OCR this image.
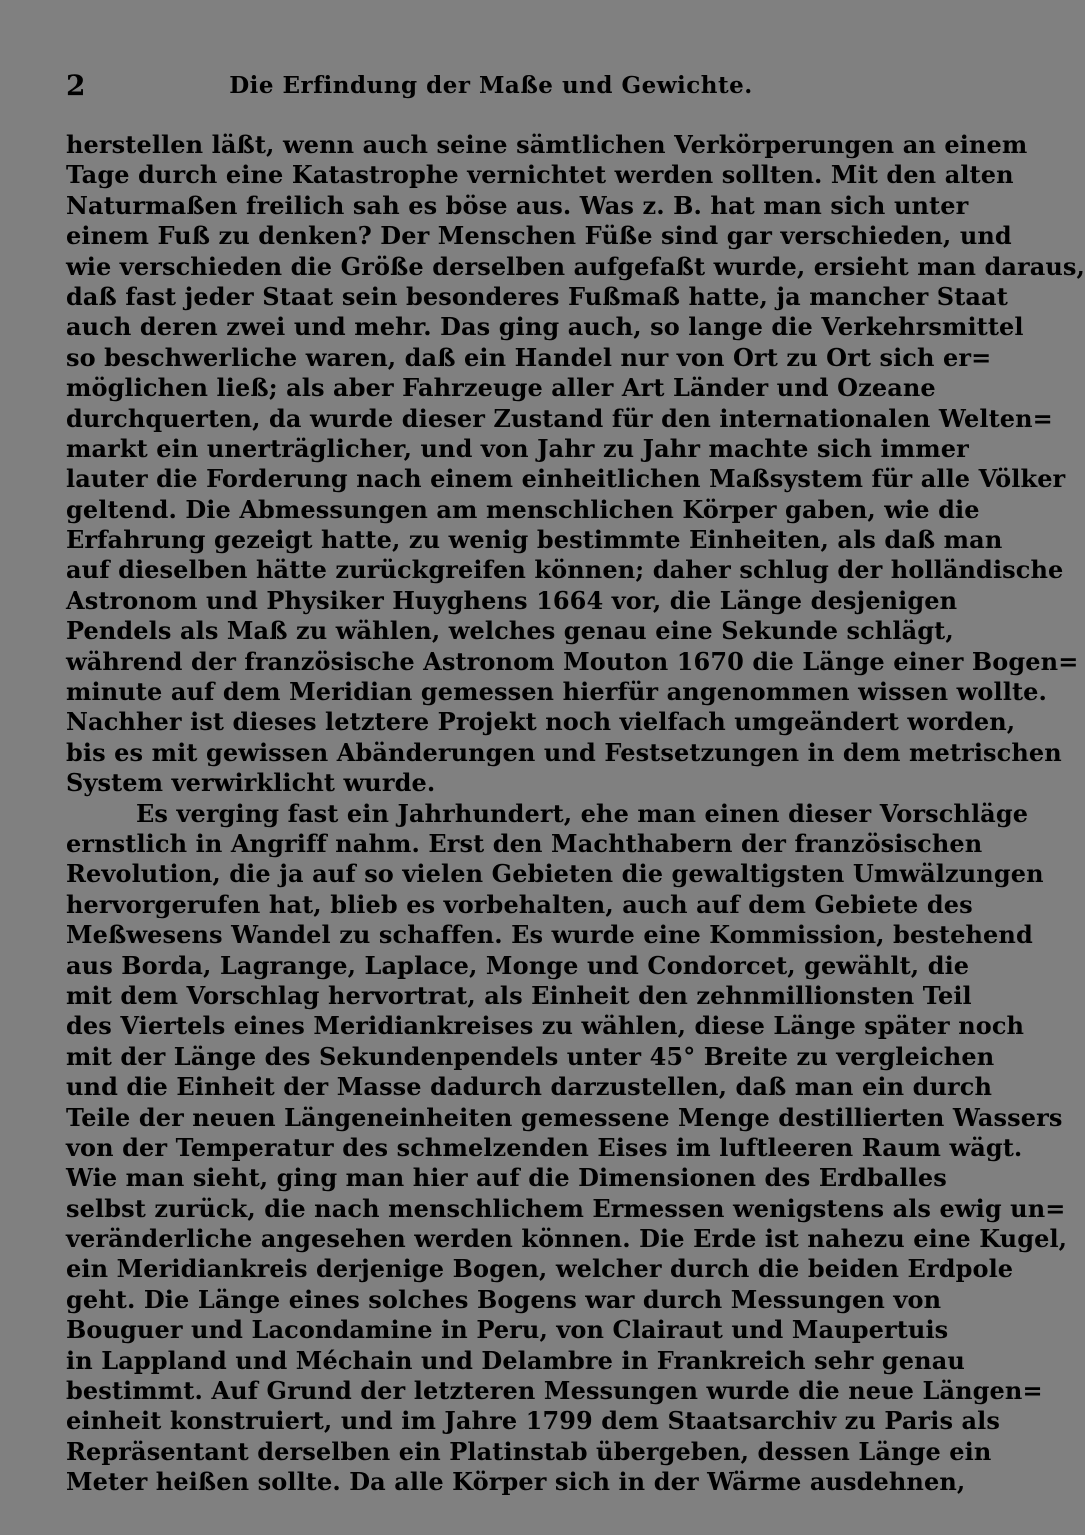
2	Die Erfindung der Maße und Gewichte.
herstellen läßt, wenn auch seine sämtlichen Verkörperungen an einem
Tage durch eine Katastrophe vernichtet werden sollten. Mit den alten
Naturmaßen freilich sah es böse aus. Was z. B. hat man sich unter
einem Fuß zu denken? Der Menschen Füße sind gar verschieden, und
wie verschieden die Größe derselben aufgefaßt wurde, ersieht man daraus,
daß fast jeder Staat sein besonderes Fußmaß hatte, ja mancher Staat
auch deren zwei und mehr. Das ging auch, so lange die Verkehrsmittel
so beschwerliche waren, daß ein Handel nur von Ort zu Ort sich er=
möglichen ließ; als aber Fahrzeuge aller Art Länder und Ozeane
durchquerten, da wurde dieser Zustand für den internationalen Welten=
markt ein unerträglicher, und von Jahr zu Jahr machte sich immer
lauter die Forderung nach einem einheitlichen Maßsystem für alle Völker
geltend. Die Abmessungen am menschlichen Körper gaben, wie die
Erfahrung gezeigt hatte, zu wenig bestimmte Einheiten, als daß man
auf dieselben hätte zurückgreifen können; daher schlug der holländische
Astronom und Physiker Huyghens 1664 vor, die Länge desjenigen
Pendels als Maß zu wählen, welches genau eine Sekunde schlägt,
während der französische Astronom Mouton 1670 die Länge einer Bogen=
minute auf dem Meridian gemessen hierfür angenommen wissen wollte.
Nachher ist dieses letztere Projekt noch vielfach umgeändert worden,
bis es mit gewissen Abänderungen und Festsetzungen in dem metrischen
System verwirklicht wurde.
Es verging fast ein Jahrhundert, ehe man einen dieser Vorschläge
ernstlich in Angriff nahm. Erst den Machthabern der französischen
Revolution, die ja auf so vielen Gebieten die gewaltigsten Umwälzungen
hervorgerufen hat, blieb es vorbehalten, auch auf dem Gebiete des
Meßwesens Wandel zu schaffen. Es wurde eine Kommission, bestehend
aus Borda, Lagrange, Laplace, Monge und Condorcet, gewählt, die
mit dem Vorschlag hervortrat, als Einheit den zehnmillionsten Teil
des Viertels eines Meridiankreises zu wählen, diese Länge später noch
mit der Länge des Sekundenpendels unter 45° Breite zu vergleichen
und die Einheit der Masse dadurch darzustellen, daß man ein durch
Teile der neuen Längeneinheiten gemessene Menge destillierten Wassers
von der Temperatur des schmelzenden Eises im luftleeren Raum wägt.
Wie man sieht, ging man hier auf die Dimensionen des Erdballes
selbst zurück, die nach menschlichem Ermessen wenigstens als ewig un=
veränderliche angesehen werden können. Die Erde ist nahezu eine Kugel,
ein Meridiankreis derjenige Bogen, welcher durch die beiden Erdpole
geht. Die Länge eines solches Bogens war durch Messungen von
Bouguer und Lacondamine in Peru, von Clairaut und Maupertuis
in Lappland und Méchain und Delambre in Frankreich sehr genau
bestimmt. Auf Grund der letzteren Messungen wurde die neue Längen=
einheit konstruiert, und im Jahre 1799 dem Staatsarchiv zu Paris als
Repräsentant derselben ein Platinstab übergeben, dessen Länge ein
Meter heißen sollte. Da alle Körper sich in der Wärme ausdehnen,
